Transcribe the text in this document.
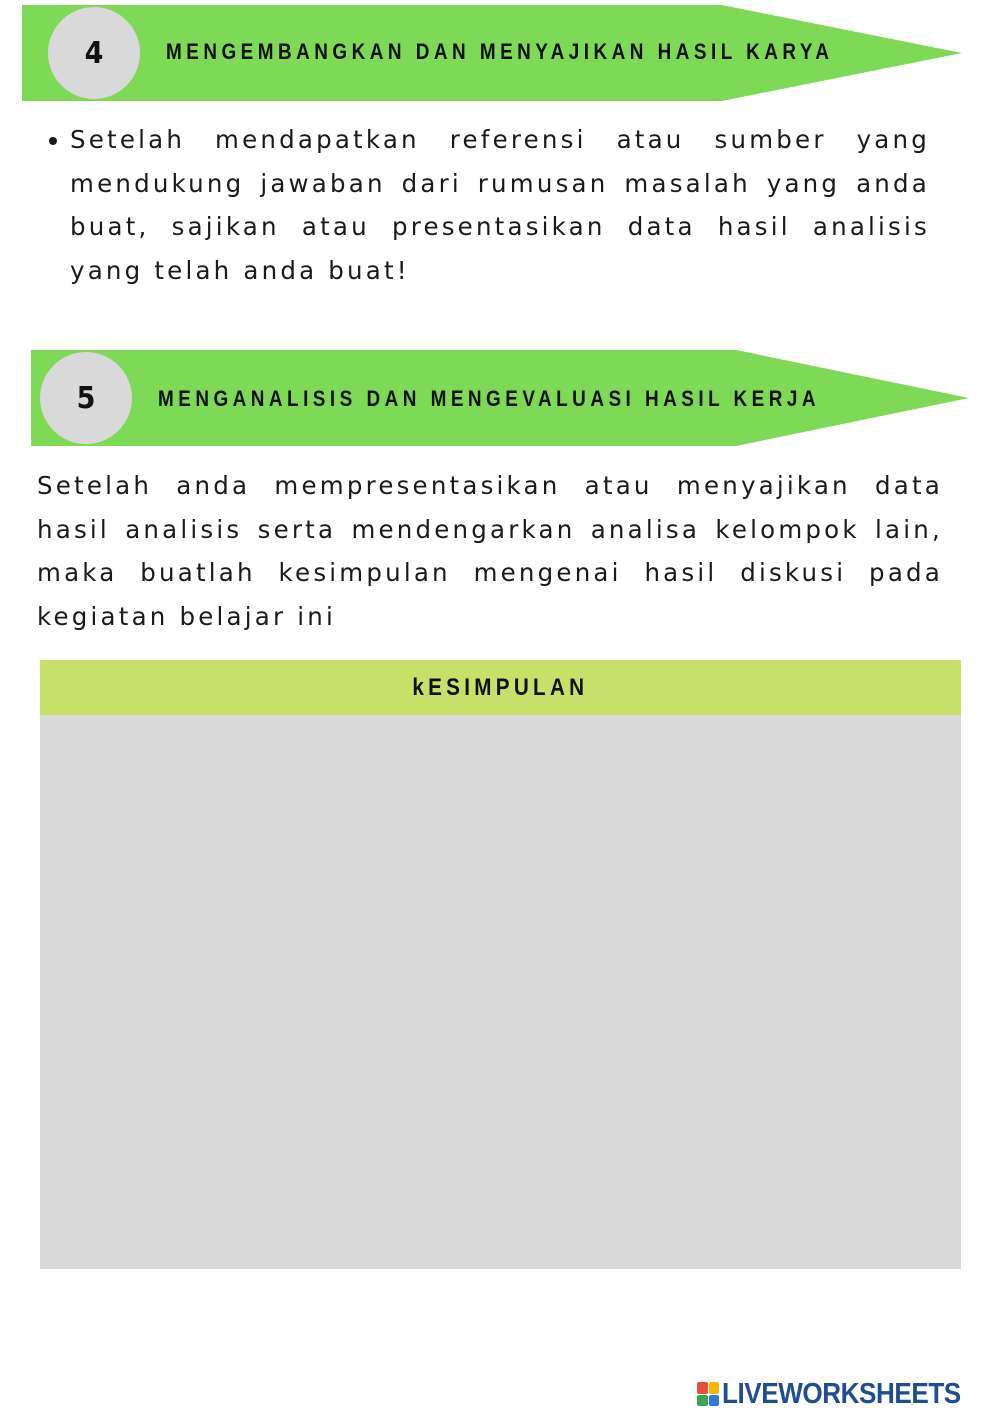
4	MENGEMBANGKAN DAN MENYAJIKAN HASIL KARYA
Setelah mendapatkan referensi atau sumber yang mendukung jawaban dari rumusan masalah yang anda buat, sajikan atau presentasikan data hasil analisis yang telah anda buat!
5	MENGANALISIS DAN MENGEVALUASI HASIL KERJA
Setelah anda mempresentasikan atau menyajikan data hasil analisis serta mendengarkan analisa kelompok lain, maka buatlah kesimpulan mengenai hasil diskusi pada kegiatan belajar ini
kESIMPULAN
LIVEWORKSHEETS
